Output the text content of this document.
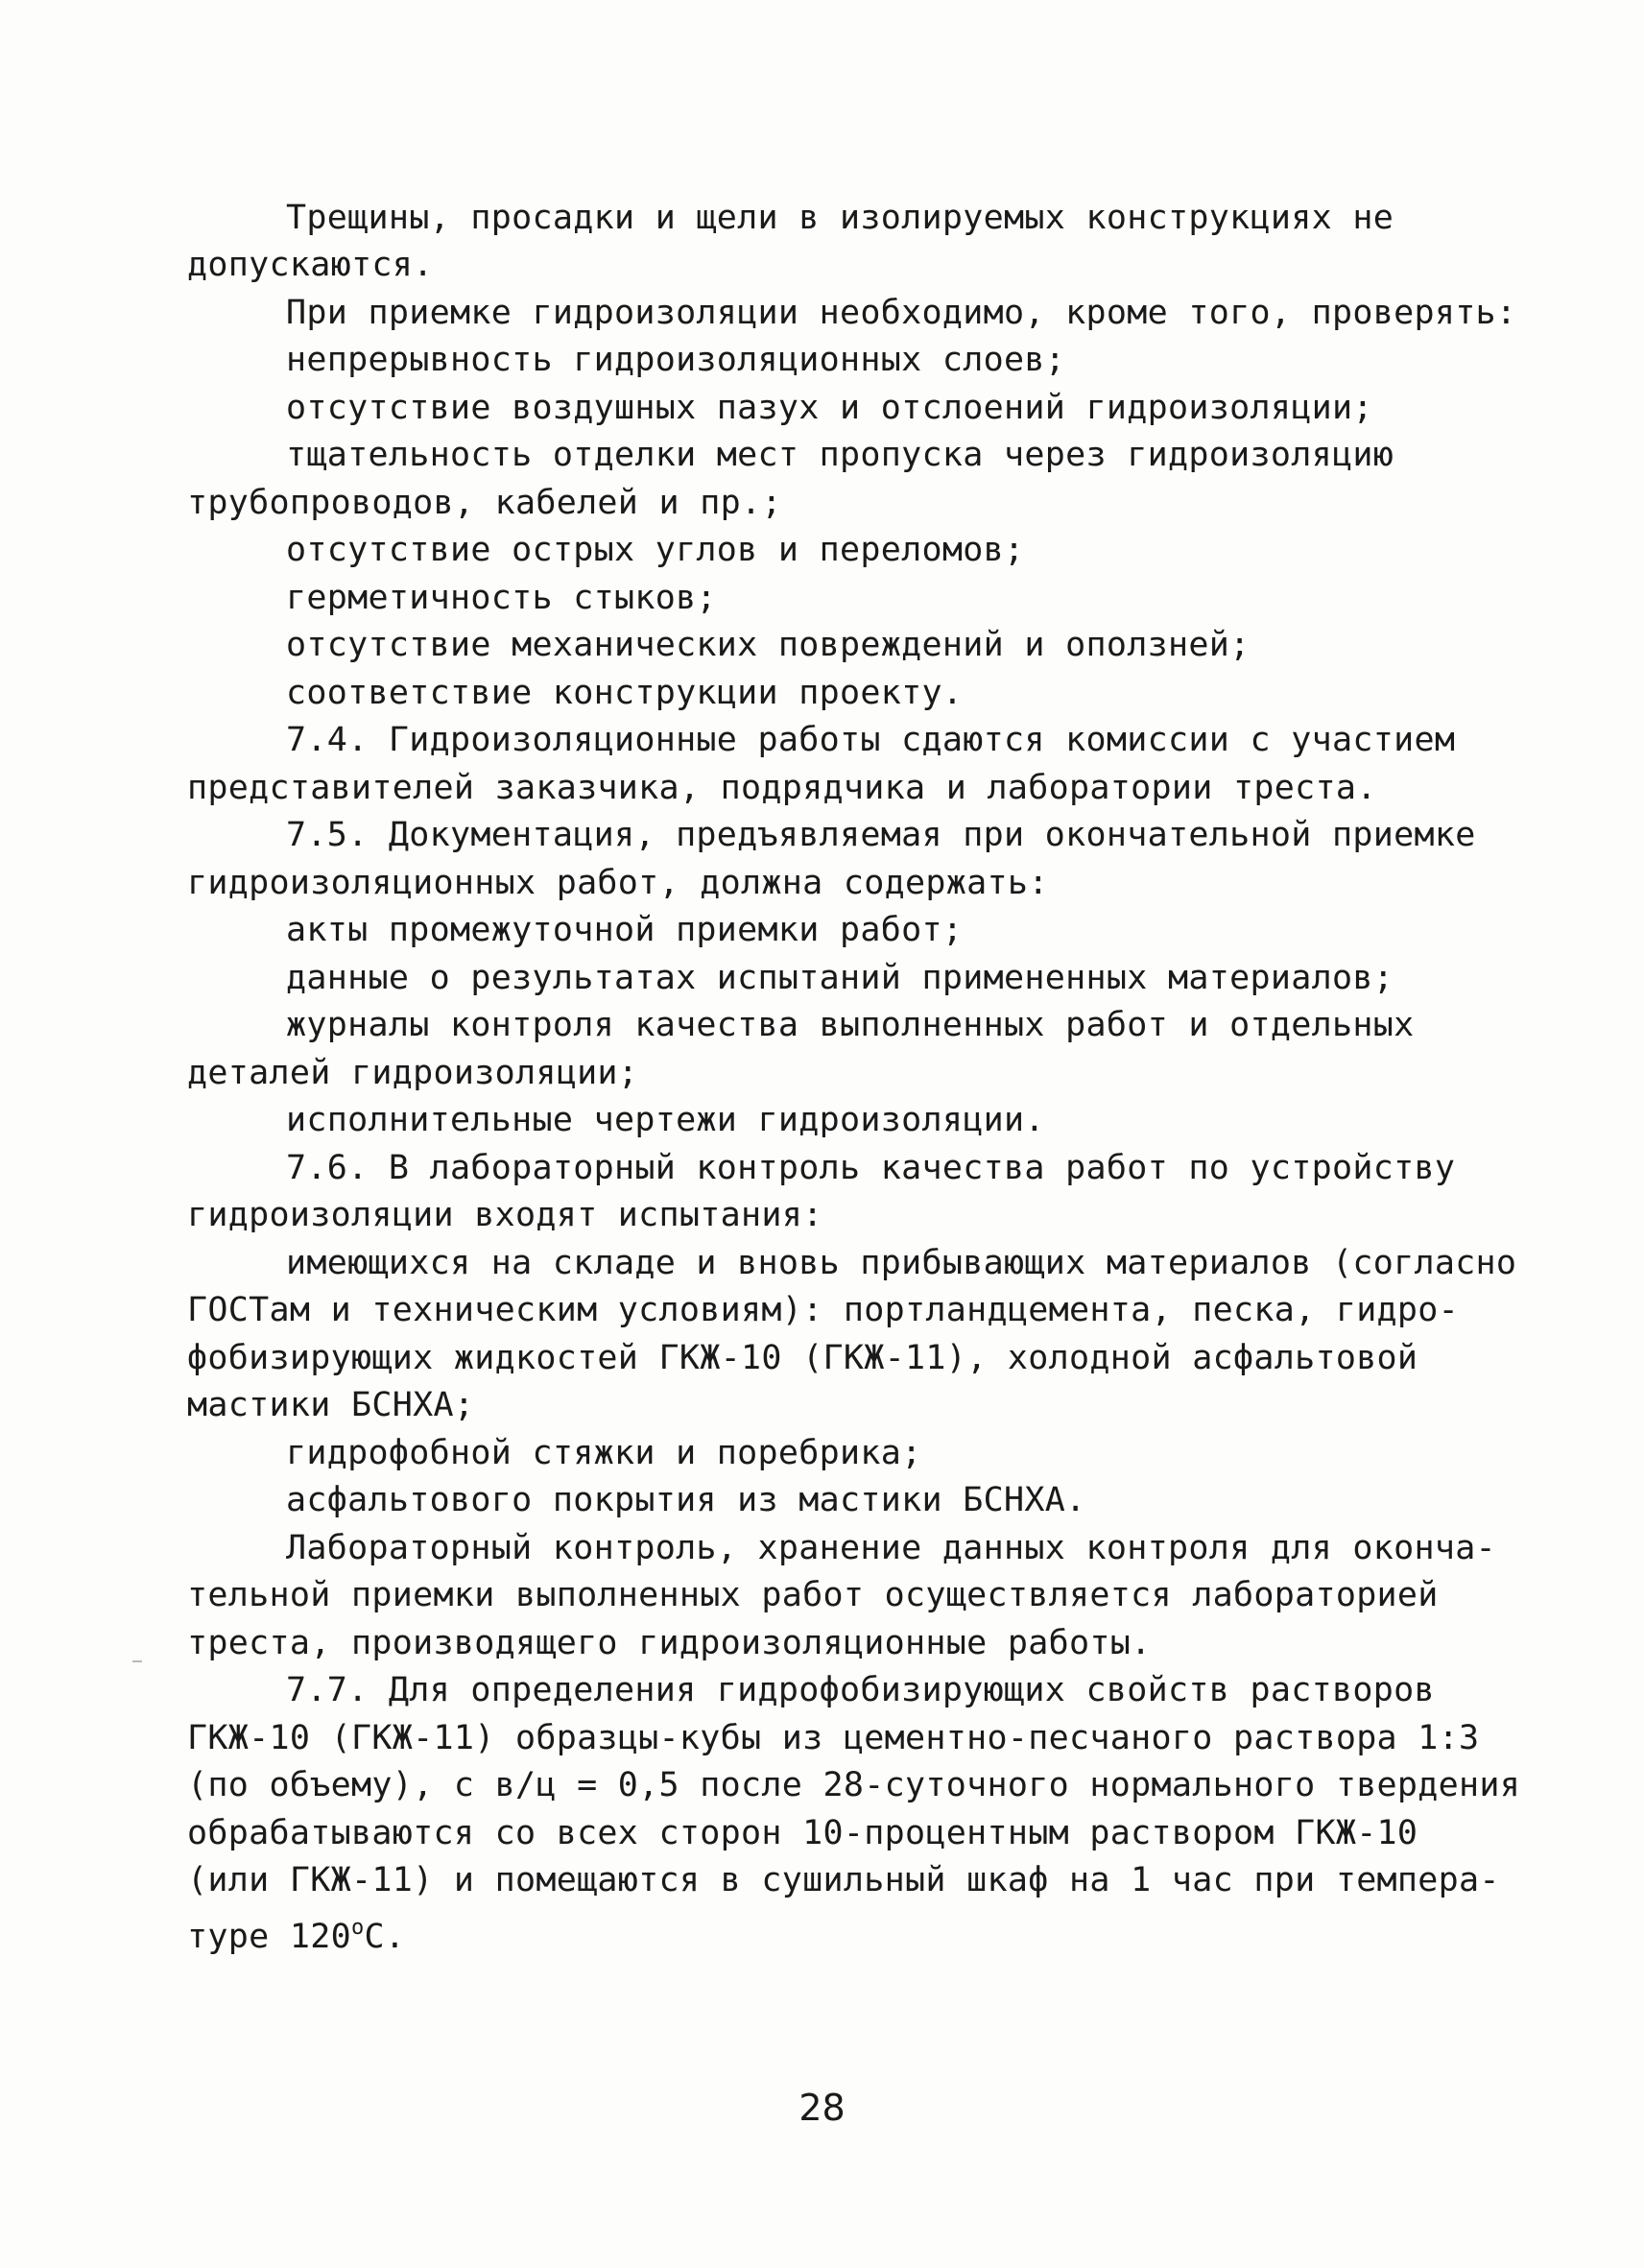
Трещины, просадки и щели в изолируемых конструкциях не
допускаются.
При приемке гидроизоляции необходимо, кроме того, проверять:
непрерывность гидроизоляционных слоев;
отсутствие воздушных пазух и отслоений гидроизоляции;
тщательность отделки мест пропуска через гидроизоляцию
трубопроводов, кабелей и пр.;
отсутствие острых углов и переломов;
герметичность стыков;
отсутствие механических повреждений и оползней;
соответствие конструкции проекту.
7.4. Гидроизоляционные работы сдаются комиссии с участием
представителей заказчика, подрядчика и лаборатории треста.
7.5. Документация, предъявляемая при окончательной приемке
гидроизоляционных работ, должна содержать:
акты промежуточной приемки работ;
данные о результатах испытаний примененных материалов;
журналы контроля качества выполненных работ и отдельных
деталей гидроизоляции;
исполнительные чертежи гидроизоляции.
7.6. В лабораторный контроль качества работ по устройству
гидроизоляции входят испытания:
имеющихся на складе и вновь прибывающих материалов (согласно
ГОСТам и техническим условиям): портландцемента, песка, гидро-
фобизирующих жидкостей ГКЖ-10 (ГКЖ-11), холодной асфальтовой
мастики БСНХА;
гидрофобной стяжки и поребрика;
асфальтового покрытия из мастики БСНХА.
Лабораторный контроль, хранение данных контроля для оконча-
тельной приемки выполненных работ осуществляется лабораторией
треста, производящего гидроизоляционные работы.
7.7. Для определения гидрофобизирующих свойств растворов
ГКЖ-10 (ГКЖ-11) образцы-кубы из цементно-песчаного раствора 1:3
(по объему), с в/ц = 0,5 после 28-суточного нормального твердения
обрабатываются со всех сторон 10-процентным раствором ГКЖ-10
(или ГКЖ-11) и помещаются в сушильный шкаф на 1 час при темпера-
туре $120^оС$.
28
